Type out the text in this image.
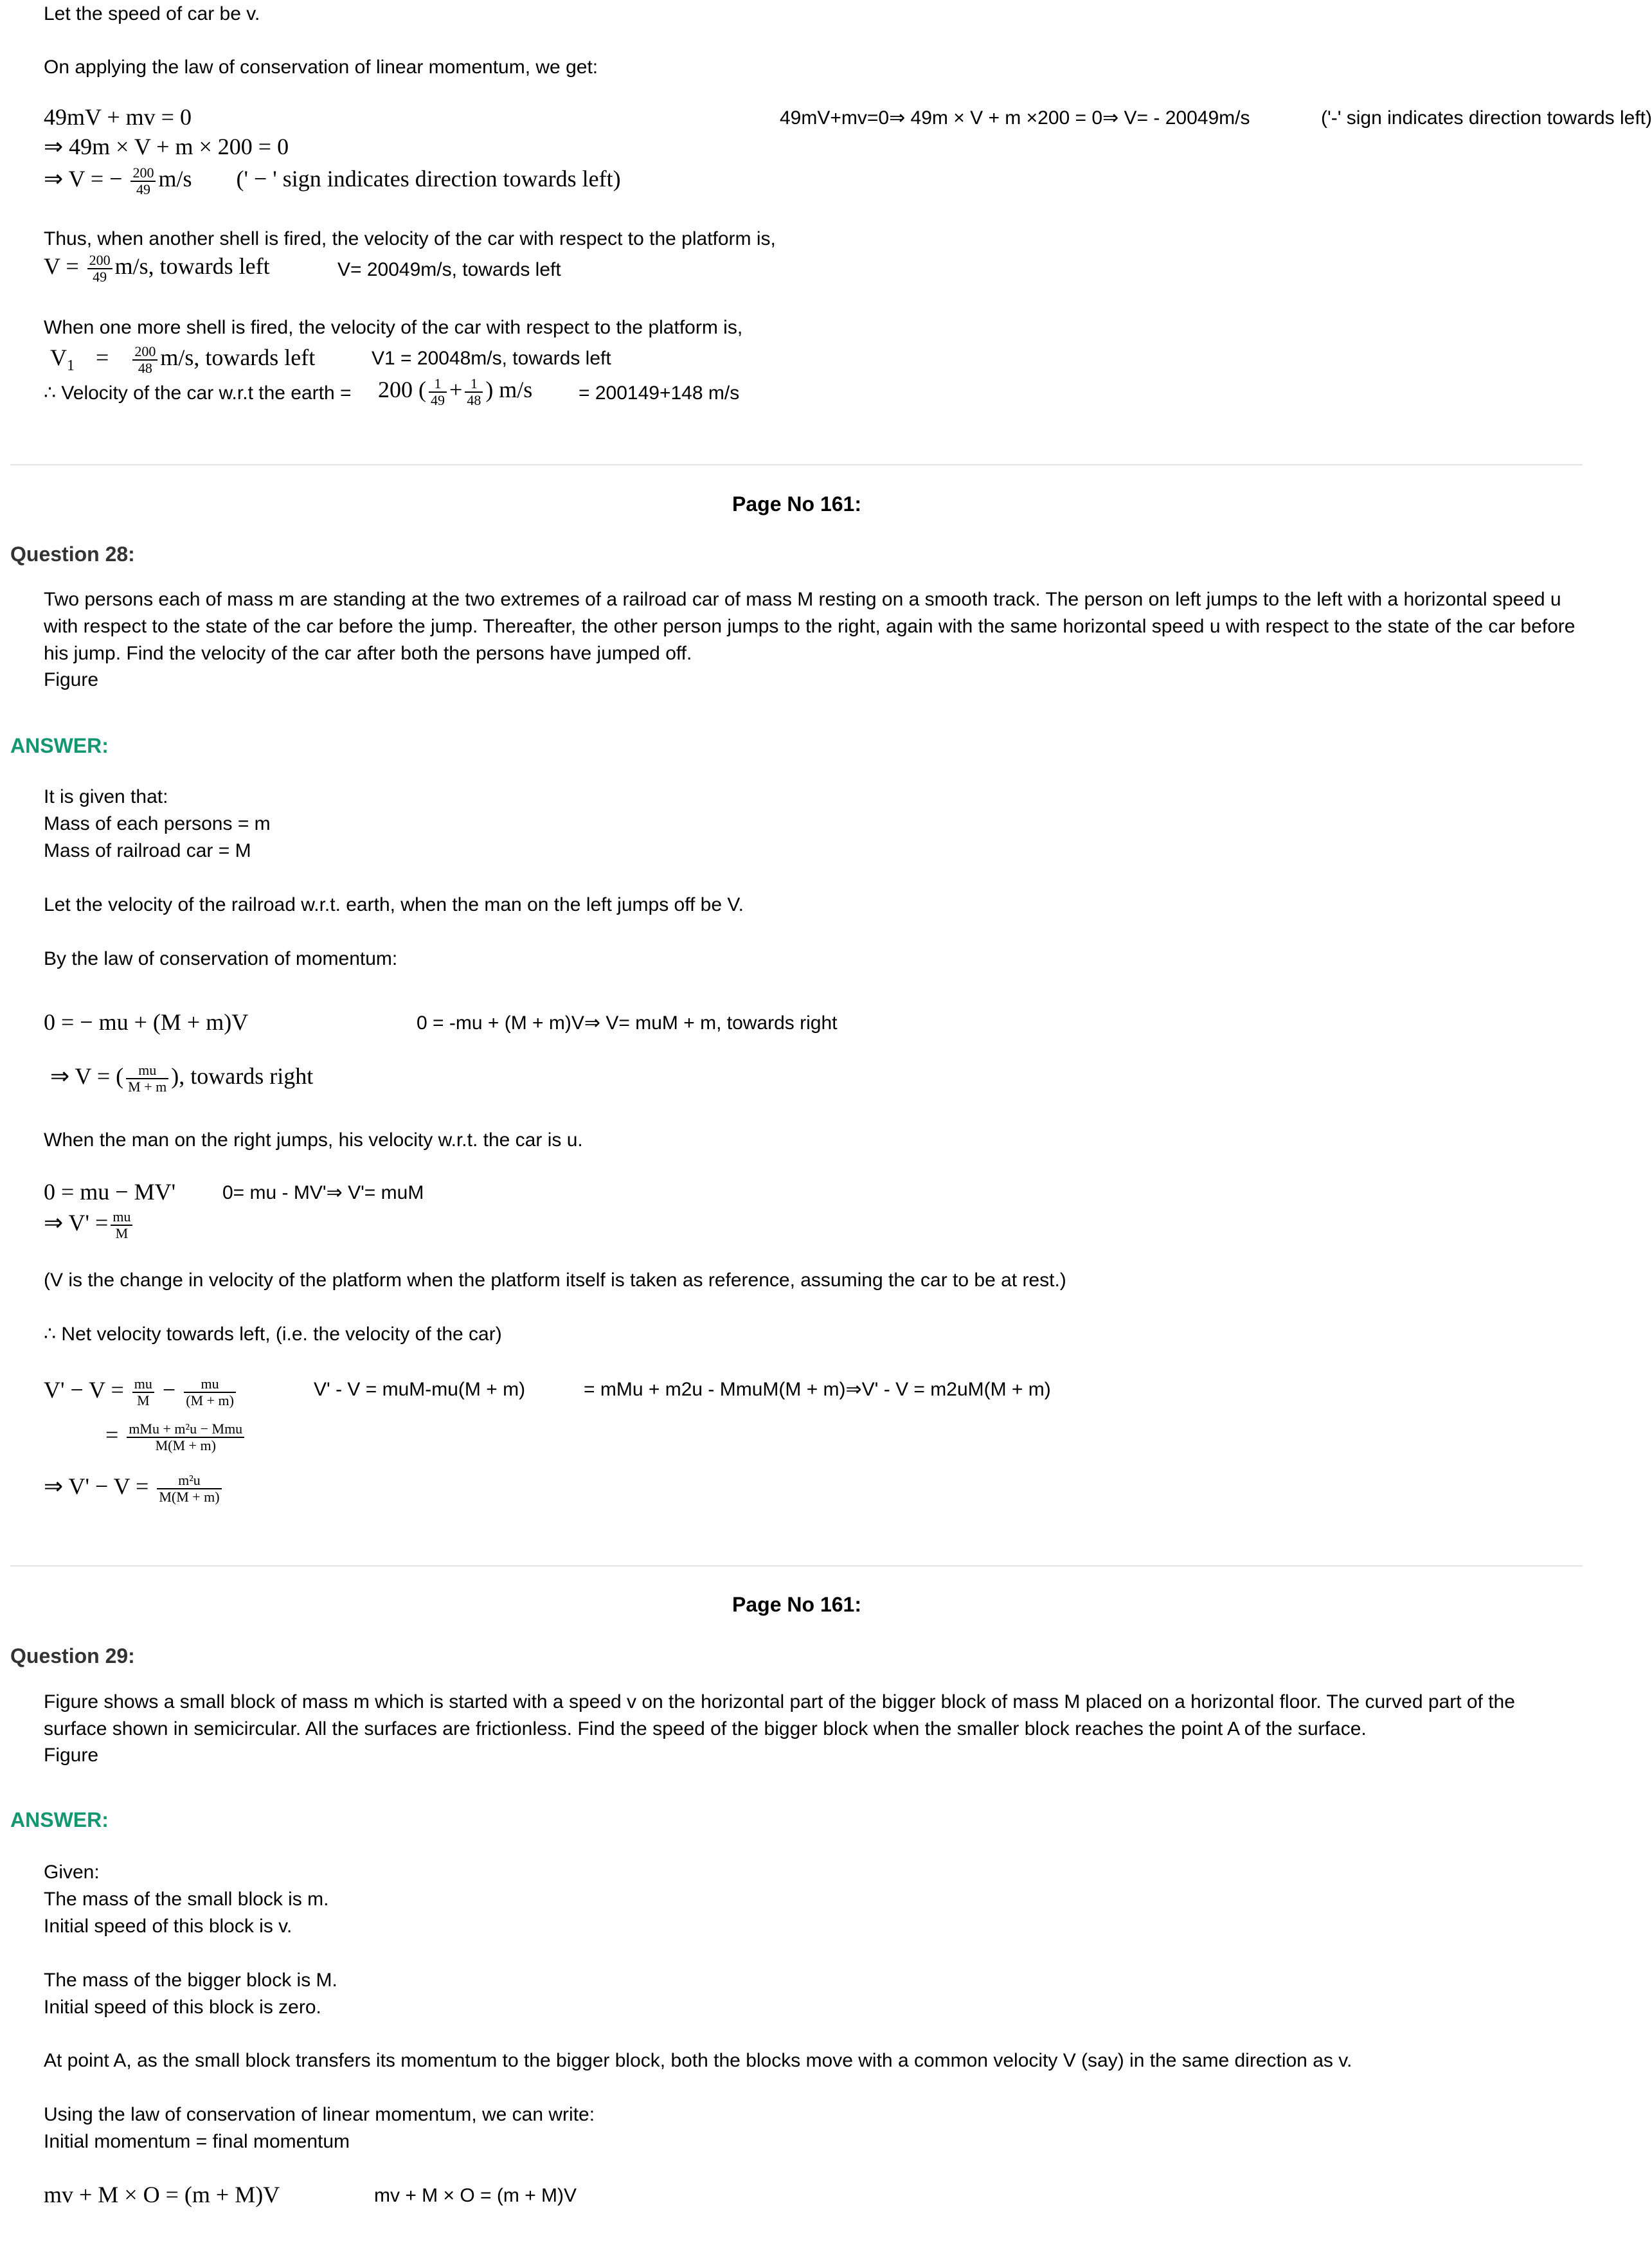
Let the speed of car be v.
On applying the law of conservation of linear momentum, we get:
49mV + mv = 0
⇒ 49m × V + m × 200 = 0
⇒ V = − $\frac{200}{49} m/s$ (' − ' sign indicates direction towards left)
49mV+mv=0⇒ 49m × V + m ×200 = 0⇒ V= - 20049m/s	('-' sign indicates direction towards left)
Thus, when another shell is fired, the velocity of the car with respect to the platform is,
$V = \frac{200}{49} m/s$, towards left	V= 20049m/s, towards left
When one more shell is fired, the velocity of the car with respect to the platform is,
$V_1 = \frac{200}{48} m/s$, towards left	V1 = 20048m/s, towards left
∴ Velocity of the car w.r.t the earth = 200 ( $\frac{1}{49} + \frac{1}{48}$ ) m/s = 200149+148 m/s
Page No 161:
Question 28:
Two persons each of mass m are standing at the two extremes of a railroad car of mass M resting on a smooth track. The person on left jumps to the left with a horizontal speed u with respect to the state of the car before the jump. Thereafter, the other person jumps to the right, again with the same horizontal speed u with respect to the state of the car before his jump. Find the velocity of the car after both the persons have jumped off.
Figure
ANSWER:
It is given that:
Mass of each persons = m
Mass of railroad car = M
Let the velocity of the railroad w.r.t. earth, when the man on the left jumps off be V.
By the law of conservation of momentum:
0 = − mu + (M + m)V	0 = -mu + (M + m)V⇒ V= muM + m, towards right
⇒ V = ( $\frac{mu}{M + m}$ ), towards right
When the man on the right jumps, his velocity w.r.t. the car is u.
0 = mu − MV' 0= mu - MV'⇒ V'= muM
⇒ $V' = \frac{mu}{M}$
(V is the change in velocity of the platform when the platform itself is taken as reference, assuming the car to be at rest.)
∴ Net velocity towards left, (i.e. the velocity of the car)
$V' - V = \frac{mu}{M} - \frac{mu}{(M + m)}$	V' - V = muM-mu(M + m)	= mMu + m2u - MmuM(M + m)⇒V' - V = m2uM(M + m)
= $\frac{\text{mMu + m²u − Mmu}}{M(M + m)}$
⇒ $V' - V = \frac{\text{m²u}}{M(M + m)}$
Page No 161:
Question 29:
Figure shows a small block of mass m which is started with a speed v on the horizontal part of the bigger block of mass M placed on a horizontal floor. The curved part of the surface shown in semicircular. All the surfaces are frictionless. Find the speed of the bigger block when the smaller block reaches the point A of the surface.
Figure
ANSWER:
Given:
The mass of the small block is m.
Initial speed of this block is v.
The mass of the bigger block is M.
Initial speed of this block is zero.
At point A, as the small block transfers its momentum to the bigger block, both the blocks move with a common velocity V (say) in the same direction as v.
Using the law of conservation of linear momentum, we can write:
Initial momentum = final momentum
mv + M × O = (m + M)V	mv + M × O = (m + M)V
